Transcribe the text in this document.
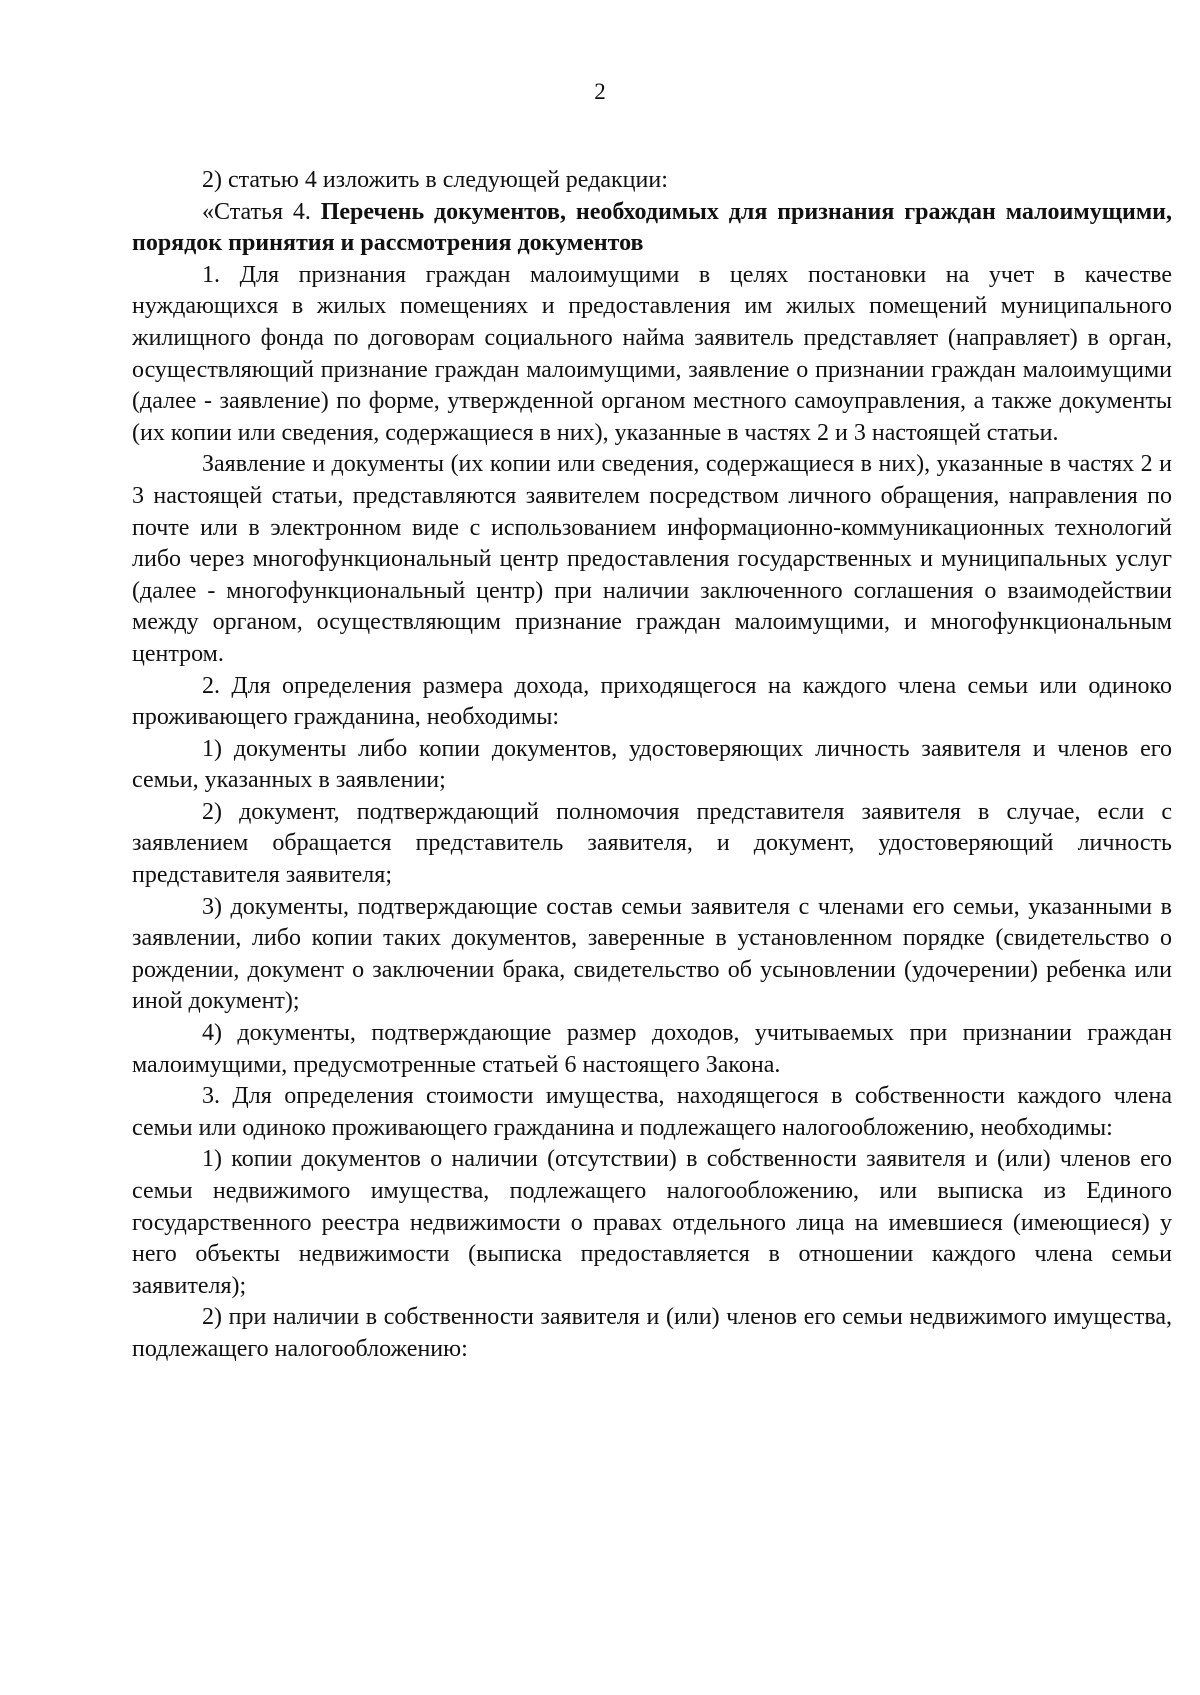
2

2) статью 4 изложить в следующей редакции:

«Статья 4. Перечень документов, необходимых для признания граждан малоимущими, порядок принятия и рассмотрения документов

1. Для признания граждан малоимущими в целях постановки на учет в качестве нуждающихся в жилых помещениях и предоставления им жилых помещений муниципального жилищного фонда по договорам социального найма заявитель представляет (направляет) в орган, осуществляющий признание граждан малоимущими, заявление о признании граждан малоимущими (далее - заявление) по форме, утвержденной органом местного самоуправления, а также документы (их копии или сведения, содержащиеся в них), указанные в частях 2 и 3 настоящей статьи.

Заявление и документы (их копии или сведения, содержащиеся в них), указанные в частях 2 и 3 настоящей статьи, представляются заявителем посредством личного обращения, направления по почте или в электронном виде с использованием информационно-коммуникационных технологий либо через многофункциональный центр предоставления государственных и муниципальных услуг (далее - многофункциональный центр) при наличии заключенного соглашения о взаимодействии между органом, осуществляющим признание граждан малоимущими, и многофункциональным центром.

2. Для определения размера дохода, приходящегося на каждого члена семьи или одиноко проживающего гражданина, необходимы:

1) документы либо копии документов, удостоверяющих личность заявителя и членов его семьи, указанных в заявлении;

2) документ, подтверждающий полномочия представителя заявителя в случае, если с заявлением обращается представитель заявителя, и документ, удостоверяющий личность представителя заявителя;

3) документы, подтверждающие состав семьи заявителя с членами его семьи, указанными в заявлении, либо копии таких документов, заверенные в установленном порядке (свидетельство о рождении, документ о заключении брака, свидетельство об усыновлении (удочерении) ребенка или иной документ);

4) документы, подтверждающие размер доходов, учитываемых при признании граждан малоимущими, предусмотренные статьей 6 настоящего Закона.

3. Для определения стоимости имущества, находящегося в собственности каждого члена семьи или одиноко проживающего гражданина и подлежащего налогообложению, необходимы:

1) копии документов о наличии (отсутствии) в собственности заявителя и (или) членов его семьи недвижимого имущества, подлежащего налогообложению, или выписка из Единого государственного реестра недвижимости о правах отдельного лица на имевшиеся (имеющиеся) у него объекты недвижимости (выписка предоставляется в отношении каждого члена семьи заявителя);

2) при наличии в собственности заявителя и (или) членов его семьи недвижимого имущества, подлежащего налогообложению:
